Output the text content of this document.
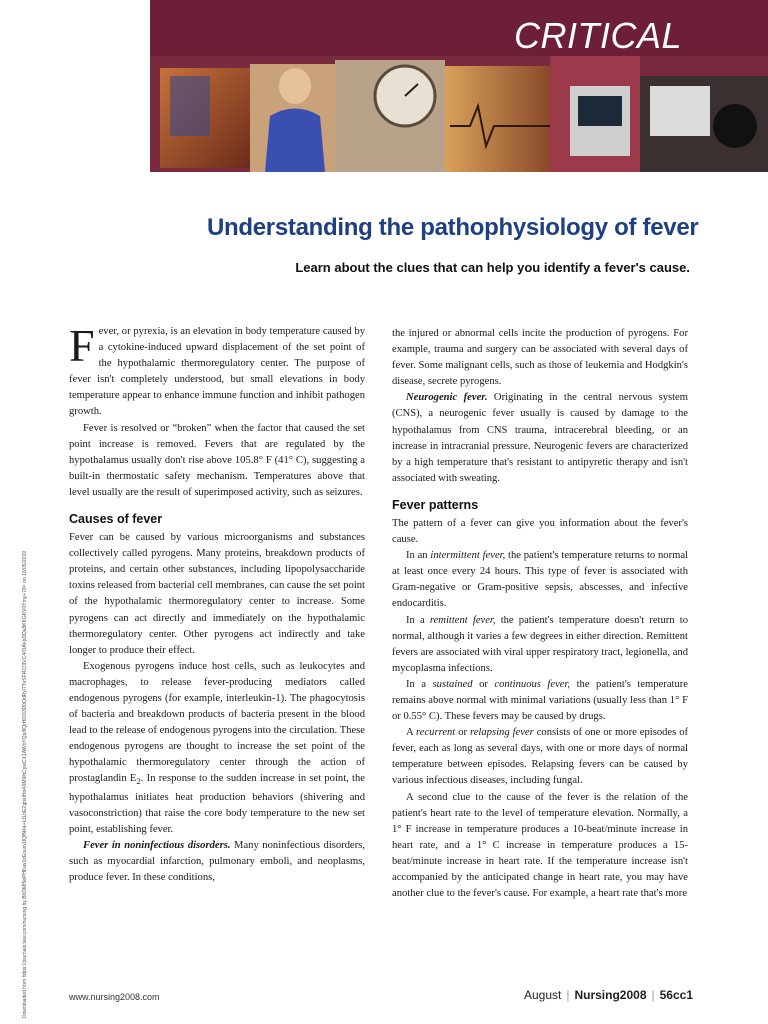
CRITICAL
Downloaded from https://journals.lww.com/nursing by BhDMf5ePHKav1zEoum1tQfN4a+kJLhEZgbsIHo4XMi0hCywCX1AWnYQp/IlQrHD3i3D0OdRyi7TvSFl4Cf3VC4/OAVpDDa8KKGKV0Ymy+78= on 10/05/2019
Understanding the pathophysiology of fever

Learn about the clues that can help you identify a fever's cause.

Fever, or pyrexia, is an elevation in body temperature caused by a cytokine-induced upward displacement of the set point of the hypothalamic thermoregulatory center. The purpose of fever isn't completely understood, but small elevations in body temperature appear to enhance immune function and inhibit pathogen growth.

Fever is resolved or “broken” when the factor that caused the set point increase is removed. Fevers that are regulated by the hypothalamus usually don't rise above 105.8° F (41° C), suggesting a built-in thermostatic safety mechanism. Temperatures above that level usually are the result of superimposed activity, such as seizures.

Causes of fever

Fever can be caused by various microorganisms and substances collectively called pyrogens. Many proteins, breakdown products of proteins, and certain other substances, including lipopolysaccharide toxins released from bacterial cell membranes, can cause the set point of the hypothalamic thermoregulatory center to increase. Some pyrogens can act directly and immediately on the hypothalamic thermoregulatory center. Other pyrogens act indirectly and take longer to produce their effect.

Exogenous pyrogens induce host cells, such as leukocytes and macrophages, to release fever-producing mediators called endogenous pyrogens (for example, interleukin-1). The phagocytosis of bacteria and breakdown products of bacteria present in the blood lead to the release of endogenous pyrogens into the circulation. These endogenous pyrogens are thought to increase the set point of the hypothalamic thermoregulatory center through the action of prostaglandin $E_2$. In response to the sudden increase in set point, the hypothalamus initiates heat production behaviors (shivering and vasoconstriction) that raise the core body temperature to the new set point, establishing fever.

Fever in noninfectious disorders. Many noninfectious disorders, such as myocardial infarction, pulmonary emboli, and neoplasms, produce fever. In these conditions,

the injured or abnormal cells incite the production of pyrogens. For example, trauma and surgery can be associated with several days of fever. Some malignant cells, such as those of leukemia and Hodgkin's disease, secrete pyrogens.

Neurogenic fever. Originating in the central nervous system (CNS), a neurogenic fever usually is caused by damage to the hypothalamus from CNS trauma, intracerebral bleeding, or an increase in intracranial pressure. Neurogenic fevers are characterized by a high temperature that's resistant to antipyretic therapy and isn't associated with sweating.

Fever patterns

The pattern of a fever can give you information about the fever's cause.

In an intermittent fever, the patient's temperature returns to normal at least once every 24 hours. This type of fever is associated with Gram-negative or Gram-positive sepsis, abscesses, and infective endocarditis.

In a remittent fever, the patient's temperature doesn't return to normal, although it varies a few degrees in either direction. Remittent fevers are associated with viral upper respiratory tract, legionella, and mycoplasma infections.

In a sustained or continuous fever, the patient's temperature remains above normal with minimal variations (usually less than 1° F or 0.55° C). These fevers may be caused by drugs.

A recurrent or relapsing fever consists of one or more episodes of fever, each as long as several days, with one or more days of normal temperature between episodes. Relapsing fevers can be caused by various infectious diseases, including fungal.

A second clue to the cause of the fever is the relation of the patient's heart rate to the level of temperature elevation. Normally, a 1° F increase in temperature produces a 10-beat/minute increase in heart rate, and a 1° C increase in temperature produces a 15-beat/minute increase in heart rate. If the temperature increase isn't accompanied by the anticipated change in heart rate, you may have another clue to the fever's cause. For example, a heart rate that's more

www.nursing2008.com	August | Nursing2008 | 56cc1
